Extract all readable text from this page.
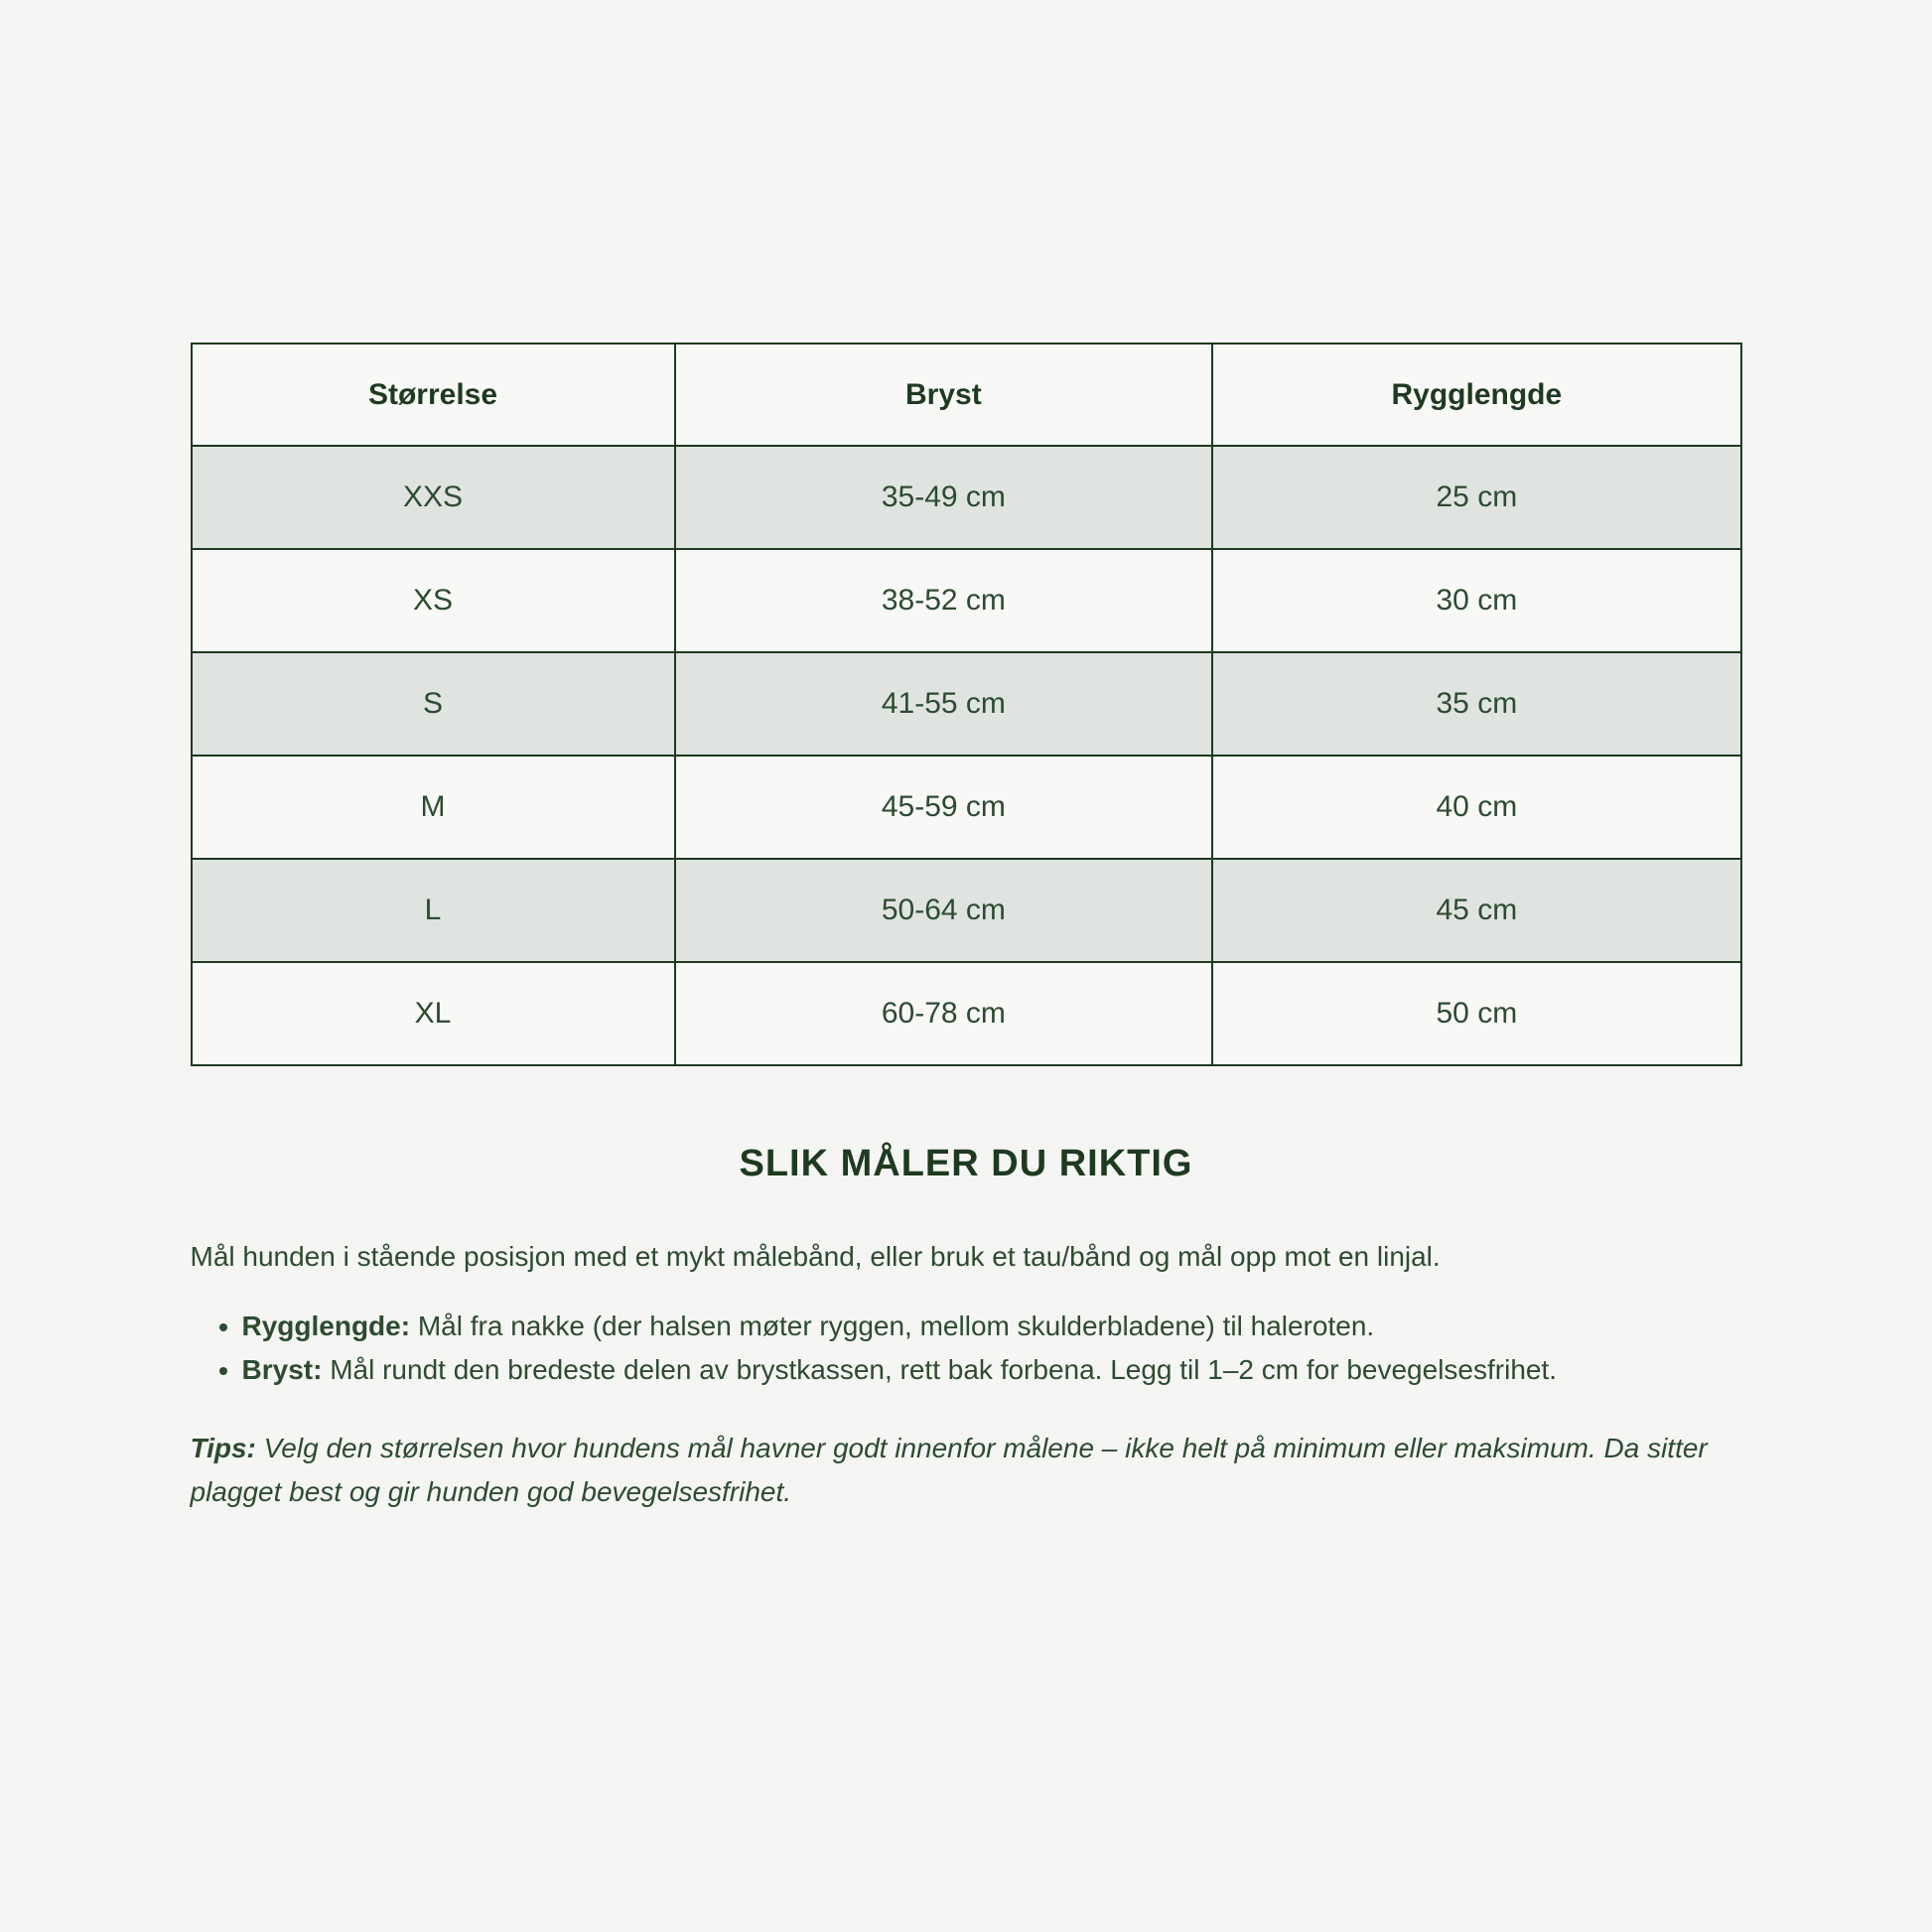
Størrelse	Bryst	Rygglengde
XXS	35-49 cm	25 cm
XS	38-52 cm	30 cm
S	41-55 cm	35 cm
M	45-59 cm	40 cm
L	50-64 cm	45 cm
XL	60-78 cm	50 cm
SLIK MÅLER DU RIKTIG

Mål hunden i stående posisjon med et mykt målebånd, eller bruk et tau/bånd og mål opp mot en linjal.

• Rygglengde: Mål fra nakke (der halsen møter ryggen, mellom skulderbladene) til haleroten.
• Bryst: Mål rundt den bredeste delen av brystkassen, rett bak forbena. Legg til 1–2 cm for bevegelsesfrihet.

Tips: Velg den størrelsen hvor hundens mål havner godt innenfor målene – ikke helt på minimum eller maksimum. Da sitter plagget best og gir hunden god bevegelsesfrihet.
